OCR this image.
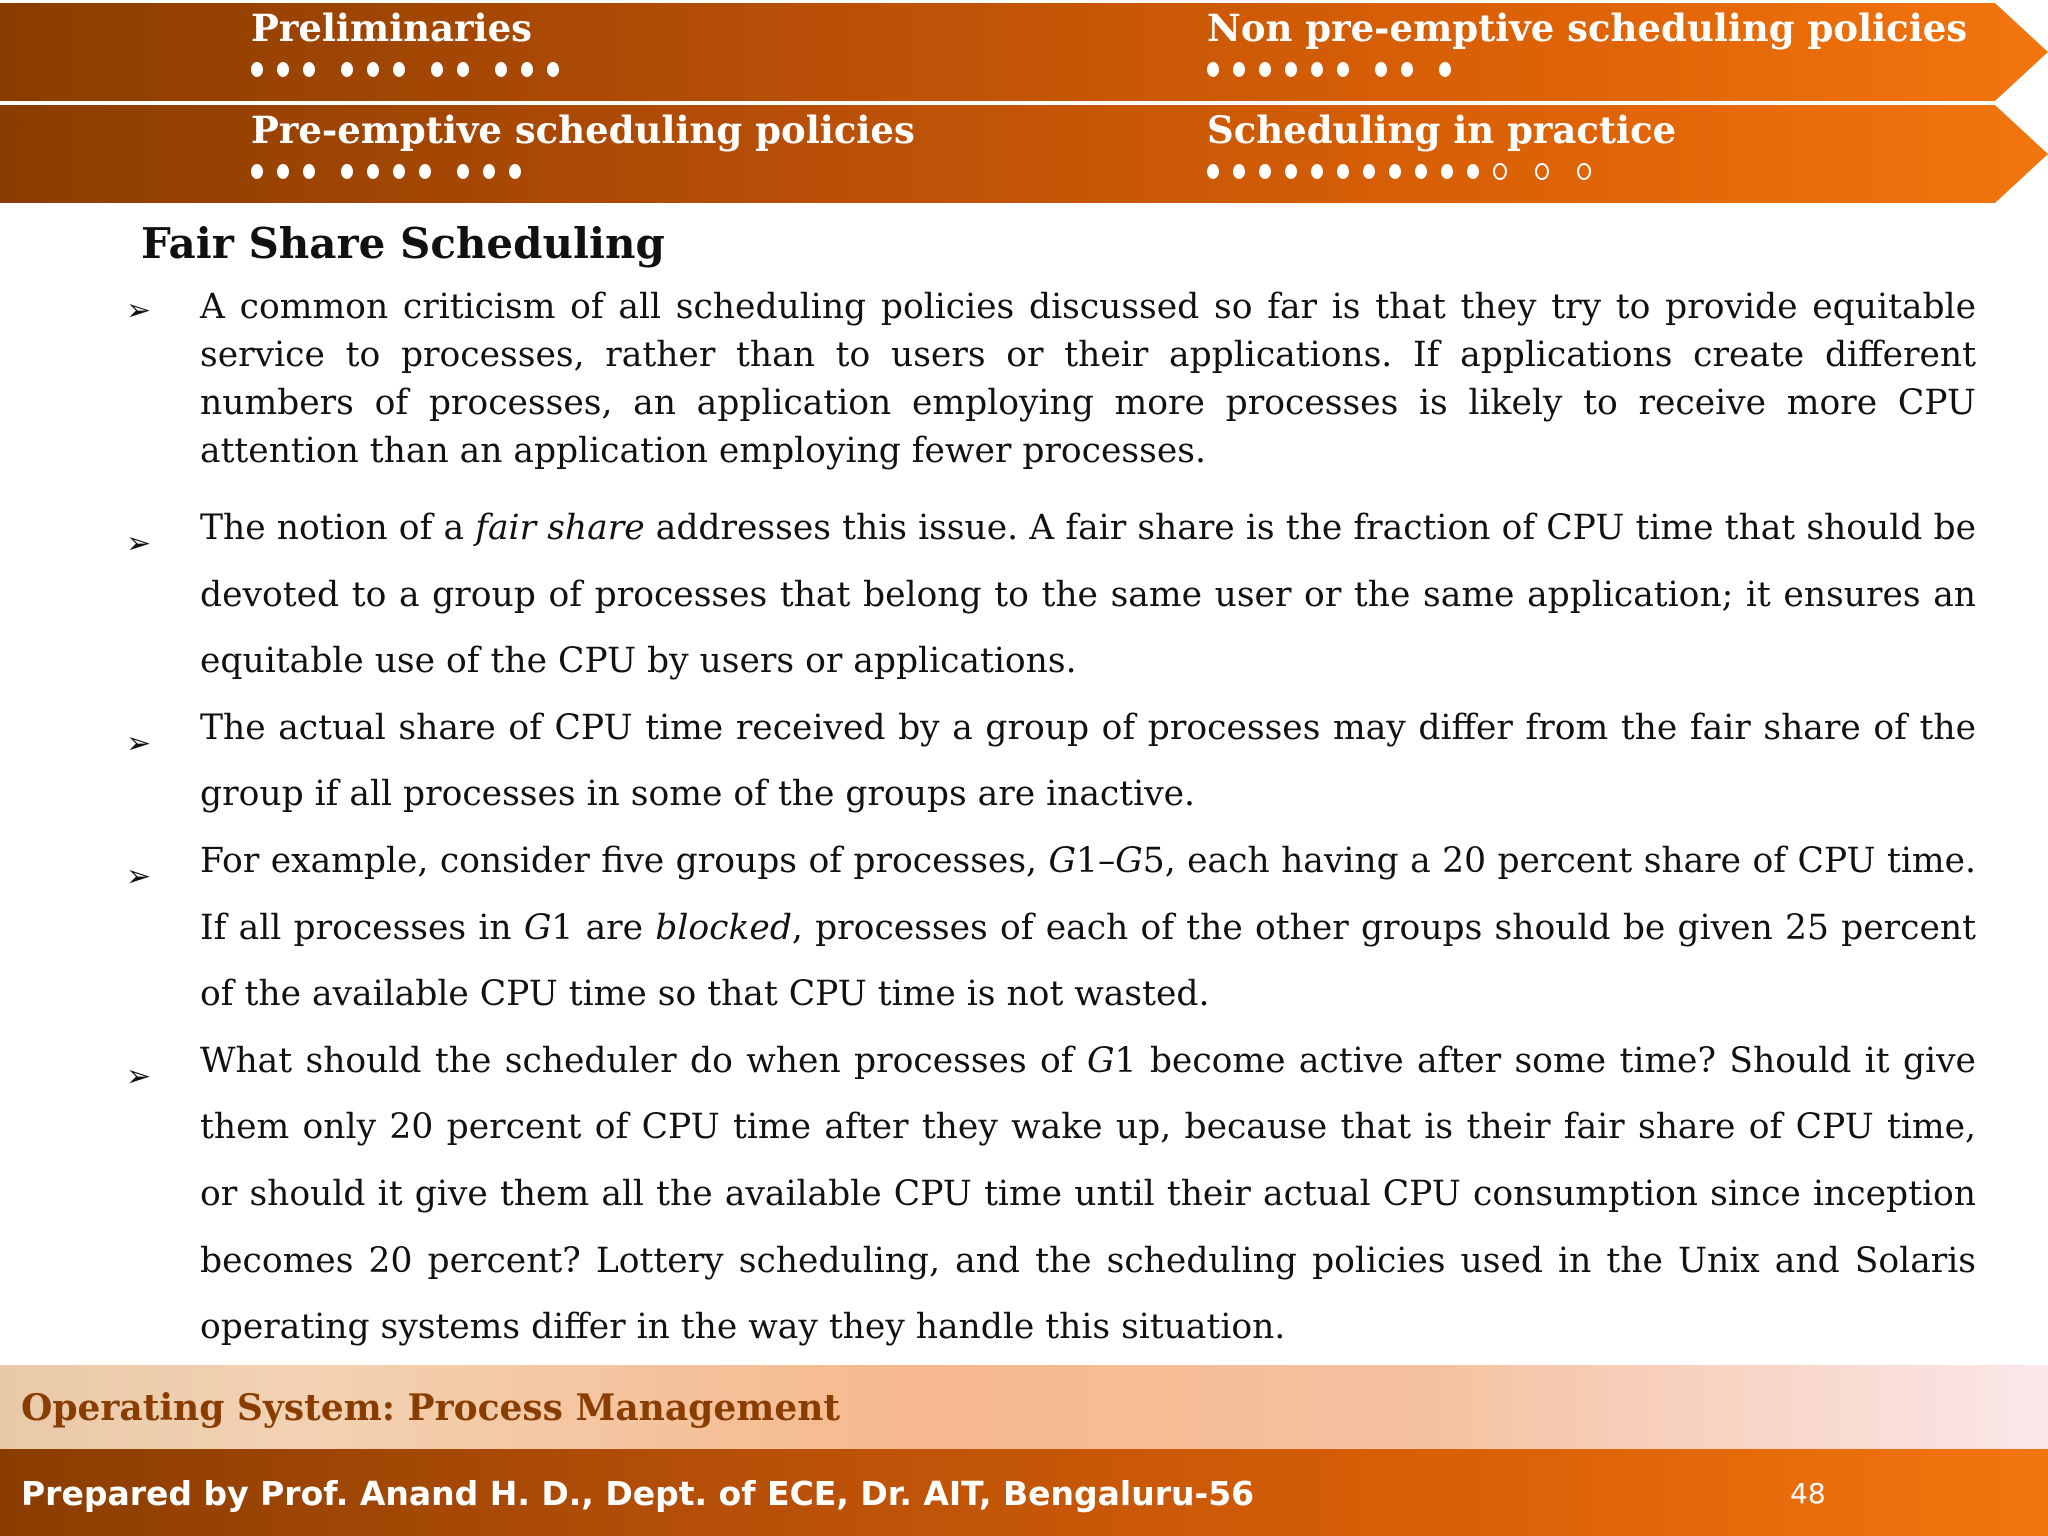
Preliminaries	Non pre-emptive scheduling policies
Pre-emptive scheduling policies	Scheduling in practice
Fair Share Scheduling
➢ A common criticism of all scheduling policies discussed so far is that they try to provide equitable service to processes, rather than to users or their applications. If applications create different numbers of processes, an application employing more processes is likely to receive more CPU attention than an application employing fewer processes.
➢ The notion of a fair share addresses this issue. A fair share is the fraction of CPU time that should be devoted to a group of processes that belong to the same user or the same application; it ensures an equitable use of the CPU by users or applications.
➢ The actual share of CPU time received by a group of processes may differ from the fair share of the group if all processes in some of the groups are inactive.
➢ For example, consider five groups of processes, G1–G5, each having a 20 percent share of CPU time. If all processes in G1 are blocked, processes of each of the other groups should be given 25 percent of the available CPU time so that CPU time is not wasted.
➢ What should the scheduler do when processes of G1 become active after some time? Should it give them only 20 percent of CPU time after they wake up, because that is their fair share of CPU time, or should it give them all the available CPU time until their actual CPU consumption since inception becomes 20 percent? Lottery scheduling, and the scheduling policies used in the Unix and Solaris operating systems differ in the way they handle this situation.
Operating System: Process Management
Prepared by Prof. Anand H. D., Dept. of ECE, Dr. AIT, Bengaluru-56	48
